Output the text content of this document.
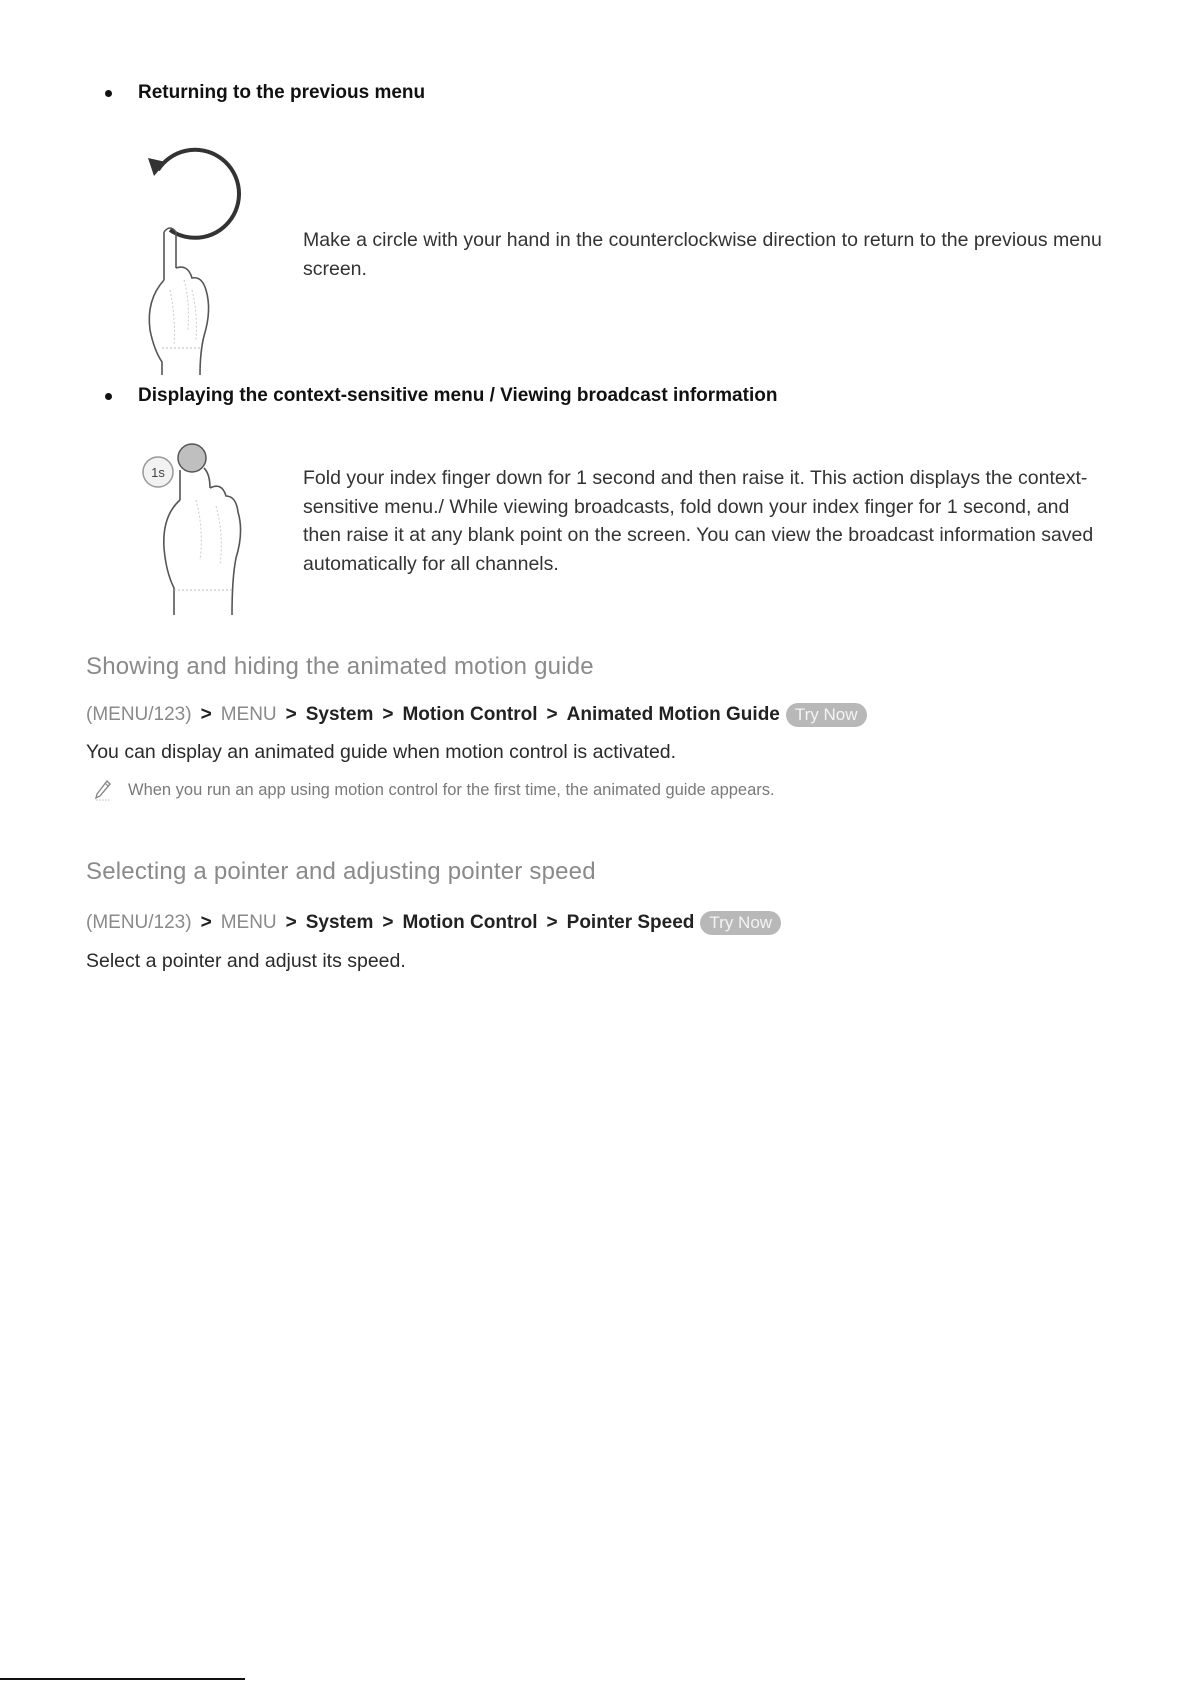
Returning to the previous menu
Make a circle with your hand in the counterclockwise direction to return to the previous menu screen.
Displaying the context-sensitive menu / Viewing broadcast information
1s	Fold your index finger down for 1 second and then raise it. This action displays the context-sensitive menu./ While viewing broadcasts, fold down your index finger for 1 second, and then raise it at any blank point on the screen. You can view the broadcast information saved automatically for all channels.
Showing and hiding the animated motion guide
( MENU/123 ) > MENU > System > Motion Control > Animated Motion Guide Try Now
You can display an animated guide when motion control is activated.
When you run an app using motion control for the first time, the animated guide appears.
Selecting a pointer and adjusting pointer speed
( MENU/123 ) > MENU > System > Motion Control > Pointer Speed Try Now
Select a pointer and adjust its speed.
